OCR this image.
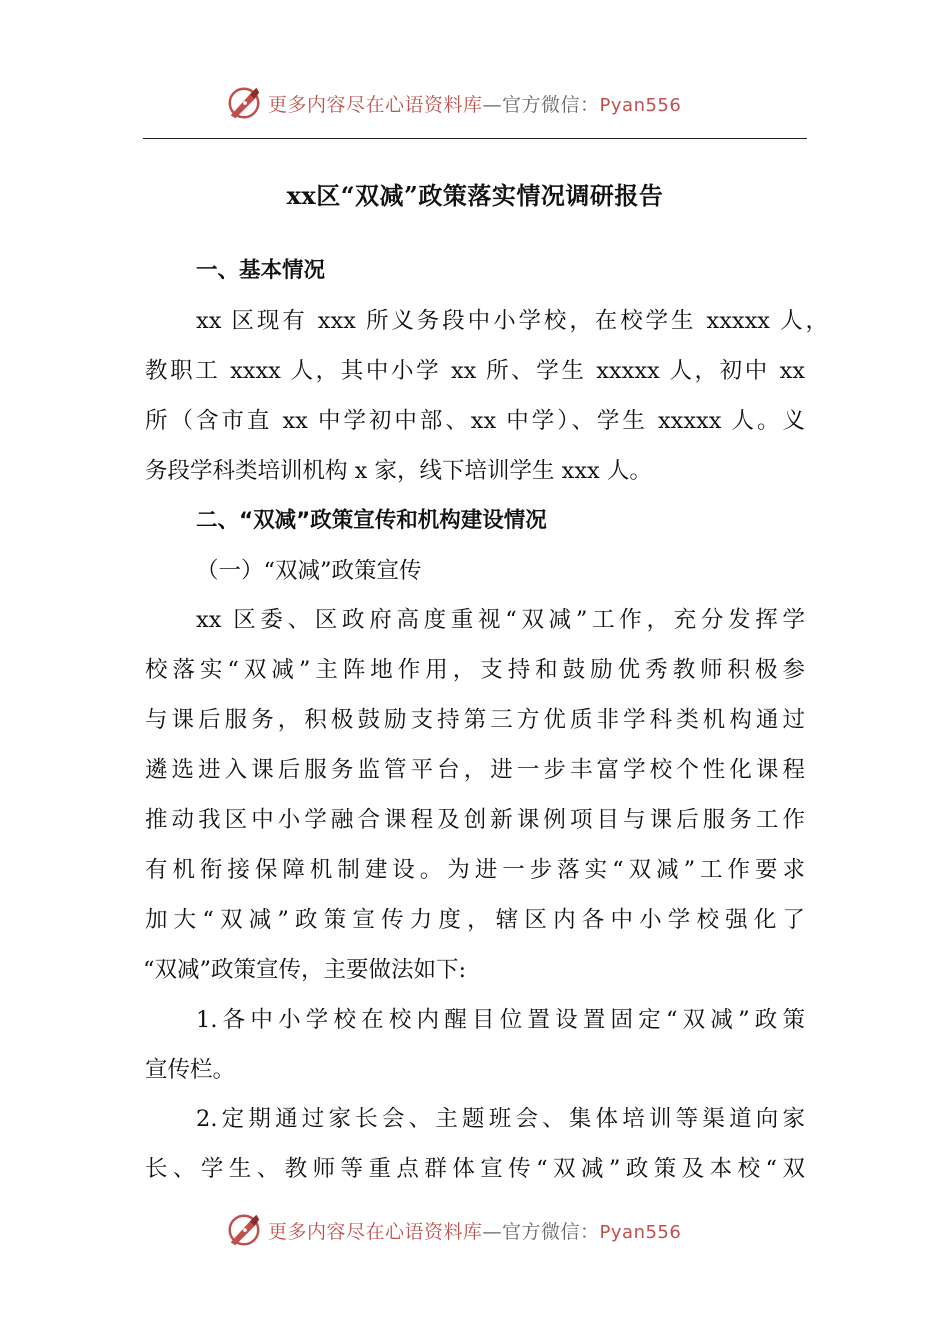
更多内容尽在心语资料库—官方微信：Pyan556
xx区“双减”政策落实情况调研报告
一、基本情况
xx 区现有 xxx 所义务段中小学校，在校学生 xxxxx 人，
教职工 xxxx 人，其中小学 xx 所、学生 xxxxx 人，初中 xx
所（含市直 xx 中学初中部、xx 中学）、学生 xxxxx 人。义
务段学科类培训机构 x 家，线下培训学生 xxx 人。
二、“双减”政策宣传和机构建设情况
（一）“双减”政策宣传
xx 区委、区政府高度重视“双减”工作，充分发挥学
校落实“双减”主阵地作用，支持和鼓励优秀教师积极参
与课后服务，积极鼓励支持第三方优质非学科类机构通过
遴选进入课后服务监管平台，进一步丰富学校个性化课程
推动我区中小学融合课程及创新课例项目与课后服务工作
有机衔接保障机制建设。为进一步落实“双减”工作要求
加大“双减”政策宣传力度，辖区内各中小学校强化了
“双减”政策宣传，主要做法如下:
1.各中小学校在校内醒目位置设置固定“双减”政策
宣传栏。
2.定期通过家长会、主题班会、集体培训等渠道向家
长、学生、教师等重点群体宣传“双减”政策及本校“双
更多内容尽在心语资料库—官方微信：Pyan556
